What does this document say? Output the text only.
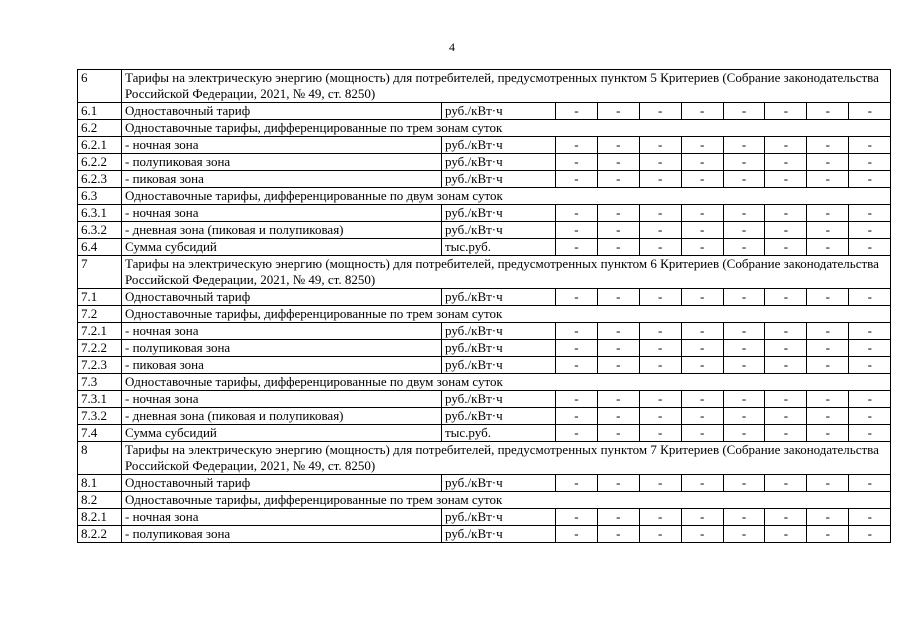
4
6	Тарифы на электрическую энергию (мощность) для потребителей, предусмотренных пунктом 5 Критериев (Собрание законодательства Российской Федерации, 2021, № 49, ст. 8250)									
6.1	Одноставочный тариф	руб./кВт·ч	-	-	-	-	-	-	-	-
6.2	Одноставочные тарифы, дифференцированные по трем зонам суток									
6.2.1	- ночная зона	руб./кВт·ч	-	-	-	-	-	-	-	-
6.2.2	- полупиковая зона	руб./кВт·ч	-	-	-	-	-	-	-	-
6.2.3	- пиковая зона	руб./кВт·ч	-	-	-	-	-	-	-	-
6.3	Одноставочные тарифы, дифференцированные по двум зонам суток									
6.3.1	- ночная зона	руб./кВт·ч	-	-	-	-	-	-	-	-
6.3.2	- дневная зона (пиковая и полупиковая)	руб./кВт·ч	-	-	-	-	-	-	-	-
6.4	Сумма субсидий	тыс.руб.	-	-	-	-	-	-	-	-
7	Тарифы на электрическую энергию (мощность) для потребителей, предусмотренных пунктом 6 Критериев (Собрание законодательства Российской Федерации, 2021, № 49, ст. 8250)									
7.1	Одноставочный тариф	руб./кВт·ч	-	-	-	-	-	-	-	-
7.2	Одноставочные тарифы, дифференцированные по трем зонам суток									
7.2.1	- ночная зона	руб./кВт·ч	-	-	-	-	-	-	-	-
7.2.2	- полупиковая зона	руб./кВт·ч	-	-	-	-	-	-	-	-
7.2.3	- пиковая зона	руб./кВт·ч	-	-	-	-	-	-	-	-
7.3	Одноставочные тарифы, дифференцированные по двум зонам суток									
7.3.1	- ночная зона	руб./кВт·ч	-	-	-	-	-	-	-	-
7.3.2	- дневная зона (пиковая и полупиковая)	руб./кВт·ч	-	-	-	-	-	-	-	-
7.4	Сумма субсидий	тыс.руб.	-	-	-	-	-	-	-	-
8	Тарифы на электрическую энергию (мощность) для потребителей, предусмотренных пунктом 7 Критериев (Собрание законодательства Российской Федерации, 2021, № 49, ст. 8250)									
8.1	Одноставочный тариф	руб./кВт·ч	-	-	-	-	-	-	-	-
8.2	Одноставочные тарифы, дифференцированные по трем зонам суток									
8.2.1	- ночная зона	руб./кВт·ч	-	-	-	-	-	-	-	-
8.2.2	- полупиковая зона	руб./кВт·ч	-	-	-	-	-	-	-	-
